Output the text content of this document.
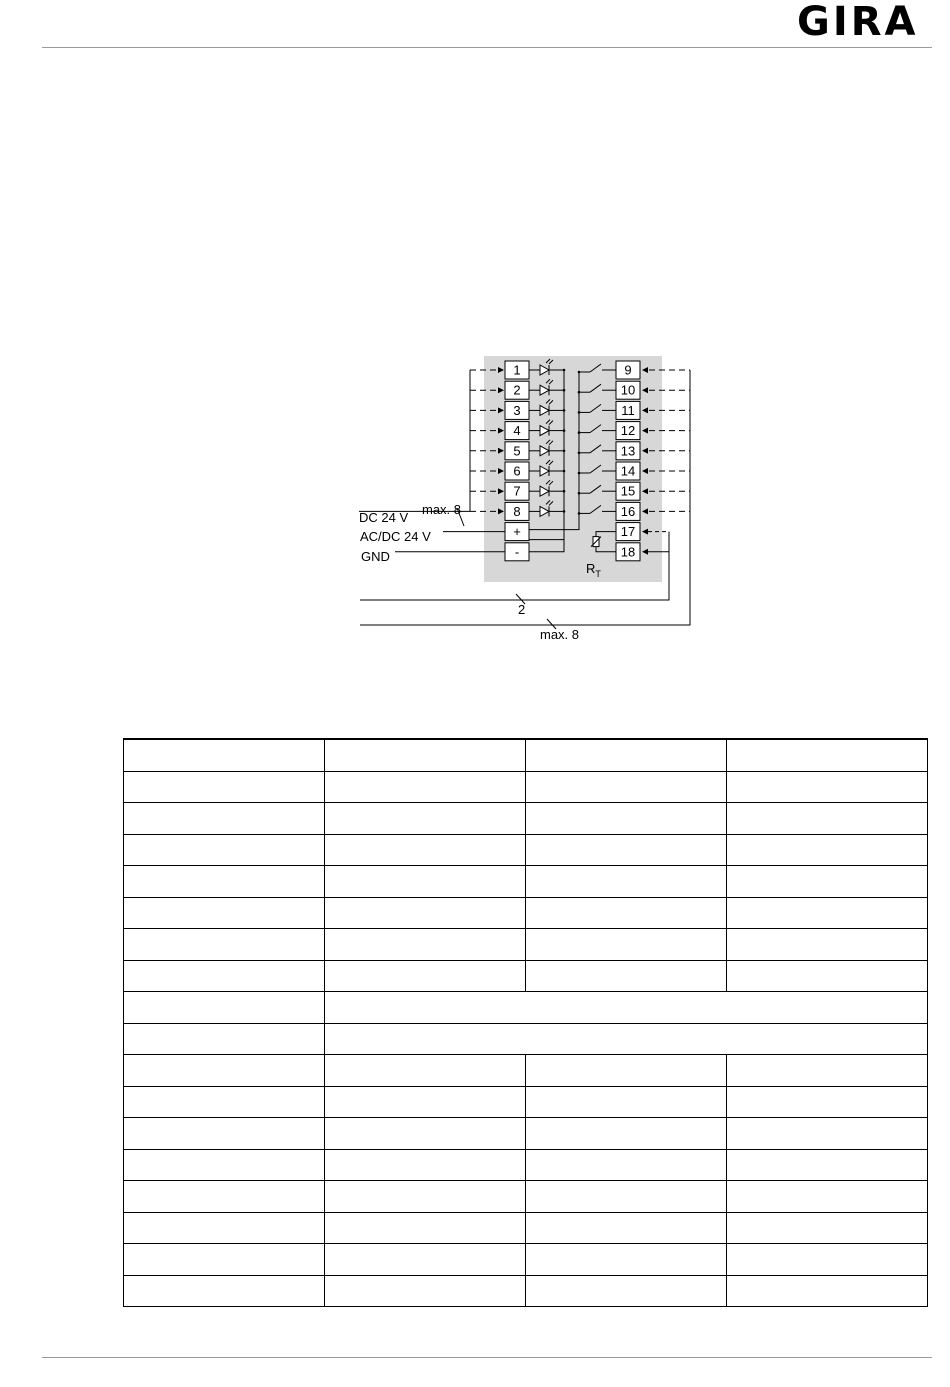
GIRA
1
2
3
4
5
6
7
8
+
-
9
10
11
12
13
14
15
16
17
18
DC 24 V
AC/DC 24 V
GND
max. 8
2
max. 8
$R_T$
